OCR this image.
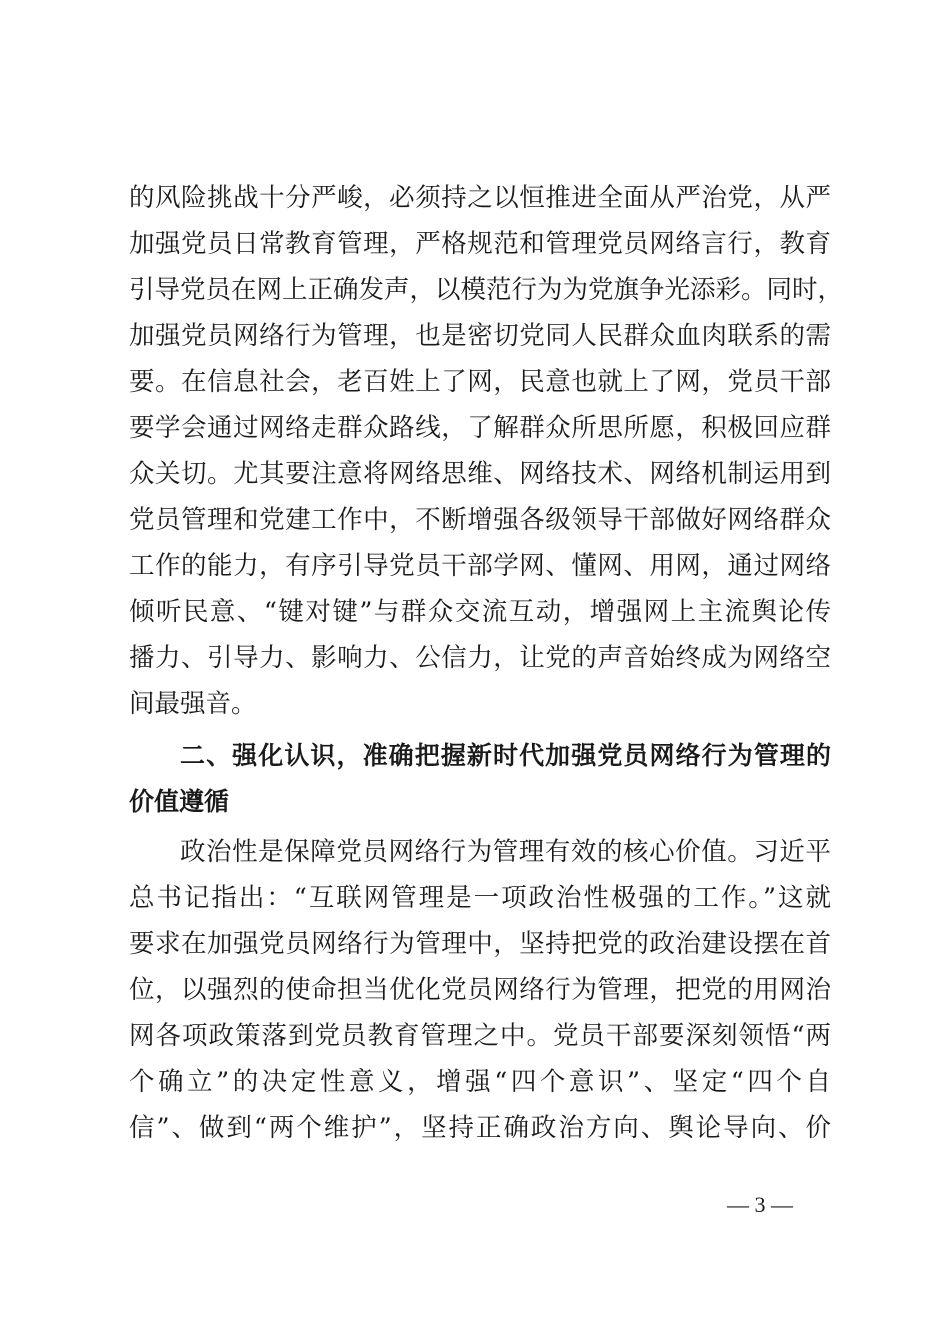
的风险挑战十分严峻，必须持之以恒推进全面从严治党，从严
加强党员日常教育管理，严格规范和管理党员网络言行，教育
引导党员在网上正确发声，以模范行为为党旗争光添彩。同时，
加强党员网络行为管理，也是密切党同人民群众血肉联系的需
要。在信息社会，老百姓上了网，民意也就上了网，党员干部
要学会通过网络走群众路线，了解群众所思所愿，积极回应群
众关切。尤其要注意将网络思维、网络技术、网络机制运用到
党员管理和党建工作中，不断增强各级领导干部做好网络群众
工作的能力，有序引导党员干部学网、懂网、用网，通过网络
倾听民意、“键对键”与群众交流互动，增强网上主流舆论传
播力、引导力、影响力、公信力，让党的声音始终成为网络空
间最强音。
二、强化认识，准确把握新时代加强党员网络行为管理的
价值遵循
政治性是保障党员网络行为管理有效的核心价值。习近平
总书记指出：“互联网管理是一项政治性极强的工作。”这就
要求在加强党员网络行为管理中，坚持把党的政治建设摆在首
位，以强烈的使命担当优化党员网络行为管理，把党的用网治
网各项政策落到党员教育管理之中。党员干部要深刻领悟“两
个确立”的决定性意义，增强“四个意识”、坚定“四个自
信”、做到“两个维护”，坚持正确政治方向、舆论导向、价
— 3 —
